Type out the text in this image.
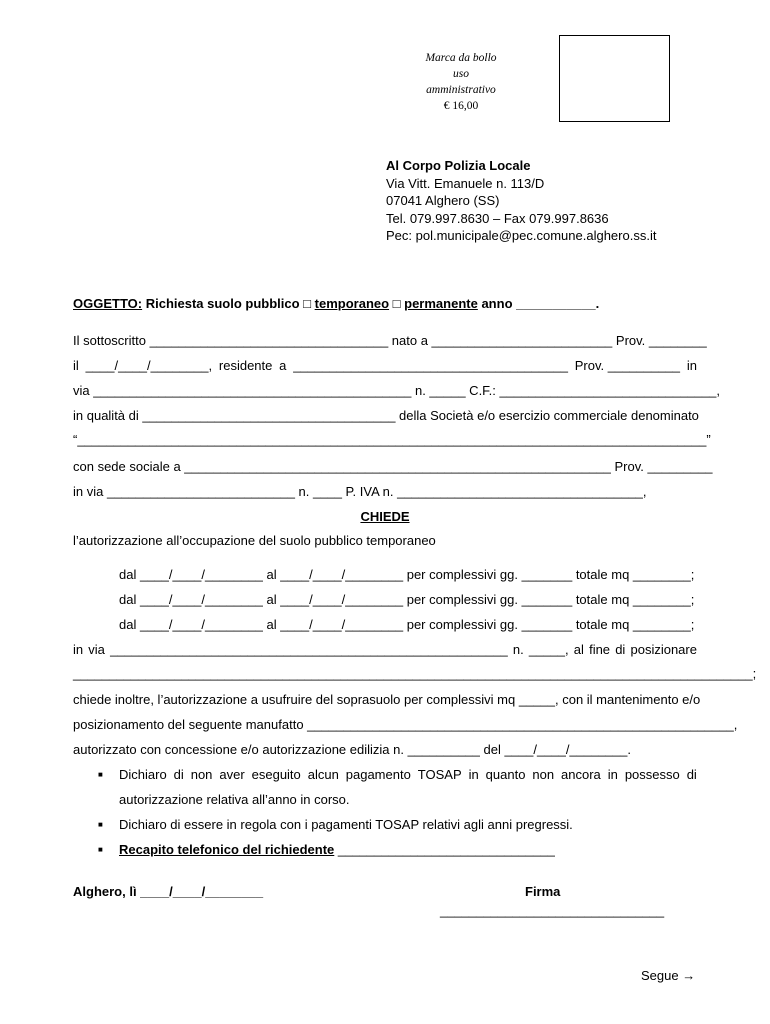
Marca da bollo
uso
amministrativo
€ 16,00
Al Corpo Polizia Locale
Via Vitt. Emanuele n. 113/D
07041 Alghero (SS)
Tel. 079.997.8630 – Fax 079.997.8636
Pec: pol.municipale@pec.comune.alghero.ss.it
OGGETTO: Richiesta suolo pubblico □ temporaneo □ permanente anno ___________.
Il sottoscritto _________________________________ nato a _________________________ Prov. ________
il ____/____/________, residente a ______________________________________ Prov. __________ in
via ____________________________________________ n. _____ C.F.: ______________________________,
in qualità di ___________________________________ della Società e/o esercizio commerciale denominato
“_______________________________________________________________________________________”
con sede sociale a ___________________________________________________________ Prov. _________
in via __________________________ n. ____ P. IVA n. __________________________________,
CHIEDE
l’autorizzazione all’occupazione del suolo pubblico temporaneo
dal ____/____/________ al ____/____/________ per complessivi gg. _______ totale mq ________;
dal ____/____/________ al ____/____/________ per complessivi gg. _______ totale mq ________;
dal ____/____/________ al ____/____/________ per complessivi gg. _______ totale mq ________;
in via _______________________________________________________ n. _____, al fine di posizionare
______________________________________________________________________________________________;
chiede inoltre, l’autorizzazione a usufruire del soprasuolo per complessivi mq _____, con il mantenimento e/o
posizionamento del seguente manufatto ___________________________________________________________,
autorizzato con concessione e/o autorizzazione edilizia n. __________ del ____/____/________.
■ Dichiaro di non aver eseguito alcun pagamento TOSAP in quanto non ancora in possesso di
autorizzazione relativa all’anno in corso.
■ Dichiaro di essere in regola con i pagamenti TOSAP relativi agli anni pregressi.
■ Recapito telefonico del richiedente ______________________________
Alghero, lì ____/____/________	Firma
_______________________________
Segue →
